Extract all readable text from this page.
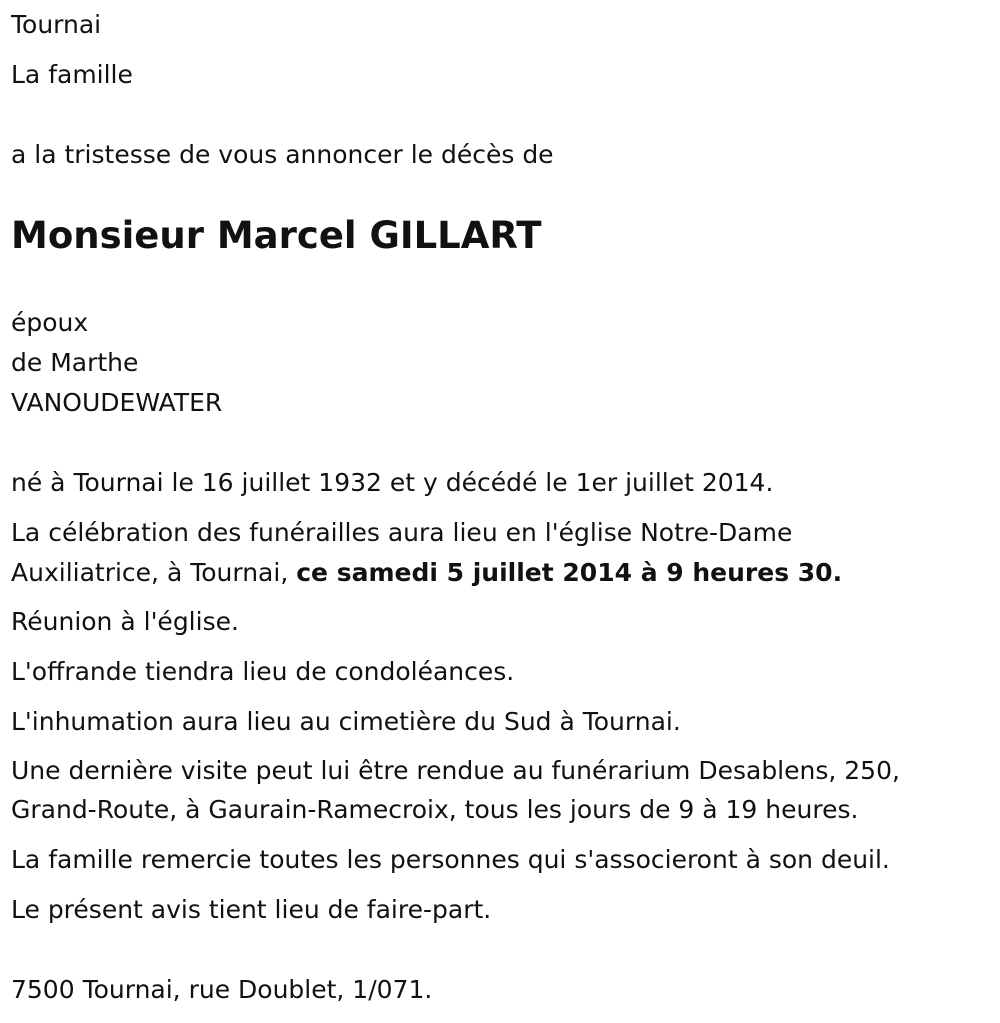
Tournai
La famille
a la tristesse de vous annoncer le décès de
Monsieur Marcel GILLART
époux
de Marthe
VANOUDEWATER
né à Tournai le 16 juillet 1932 et y décédé le 1er juillet 2014.
La célébration des funérailles aura lieu en l'église Notre-Dame
Auxiliatrice, à Tournai, ce samedi 5 juillet 2014 à 9 heures 30.
Réunion à l'église.
L'offrande tiendra lieu de condoléances.
L'inhumation aura lieu au cimetière du Sud à Tournai.
Une dernière visite peut lui être rendue au funérarium Desablens, 250,
Grand-Route, à Gaurain-Ramecroix, tous les jours de 9 à 19 heures.
La famille remercie toutes les personnes qui s'associeront à son deuil.
Le présent avis tient lieu de faire-part.
7500 Tournai, rue Doublet, 1/071.
